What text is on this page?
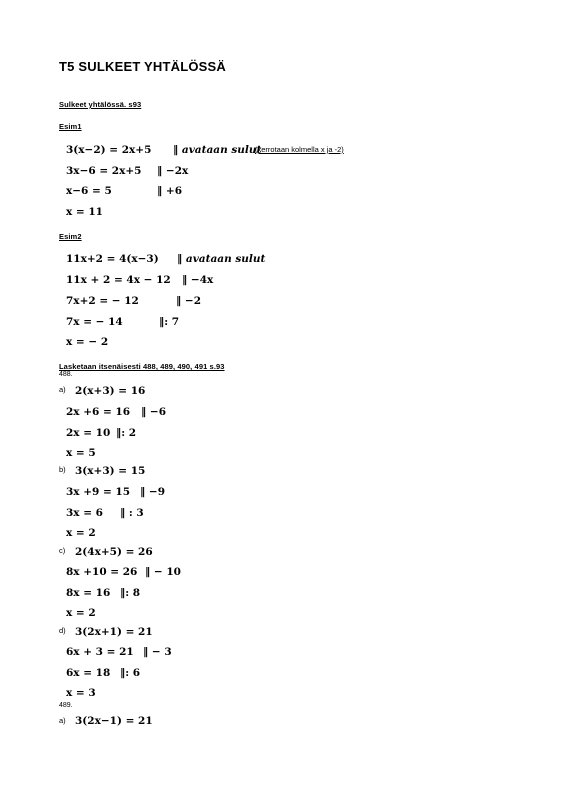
T5 SULKEET YHTÄLÖSSÄ
Sulkeet yhtälössä. s93
Esim1
3(x−2) = 2x+5 ‖ avataan sulut
(kerrotaan kolmella x ja -2)
3x−6 = 2x+5 ‖ −2x
x−6 = 5	‖ +6
x = 11
Esim2
11x+2 = 4(x−3) ‖ avataan sulut
11x + 2 = 4x − 12 ‖ −4x
7x+2 = − 12	‖ −2
7x = − 14	‖: 7
x = − 2
Lasketaan itsenäisesti 488, 489, 490, 491 s.93
488.
a) 2(x+3) = 16
2x +6 = 16 ‖ −6
2x = 10 ‖: 2
x = 5
b) 3(x+3) = 15
3x +9 = 15 ‖ −9
3x = 6 ‖ : 3
x = 2
c) 2(4x+5) = 26
8x +10 = 26 ‖ − 10
8x = 16 ‖: 8
x = 2
d) 3(2x+1) = 21
6x + 3 = 21 ‖ − 3
6x = 18 ‖: 6
x = 3
489.
a) 3(2x−1) = 21
